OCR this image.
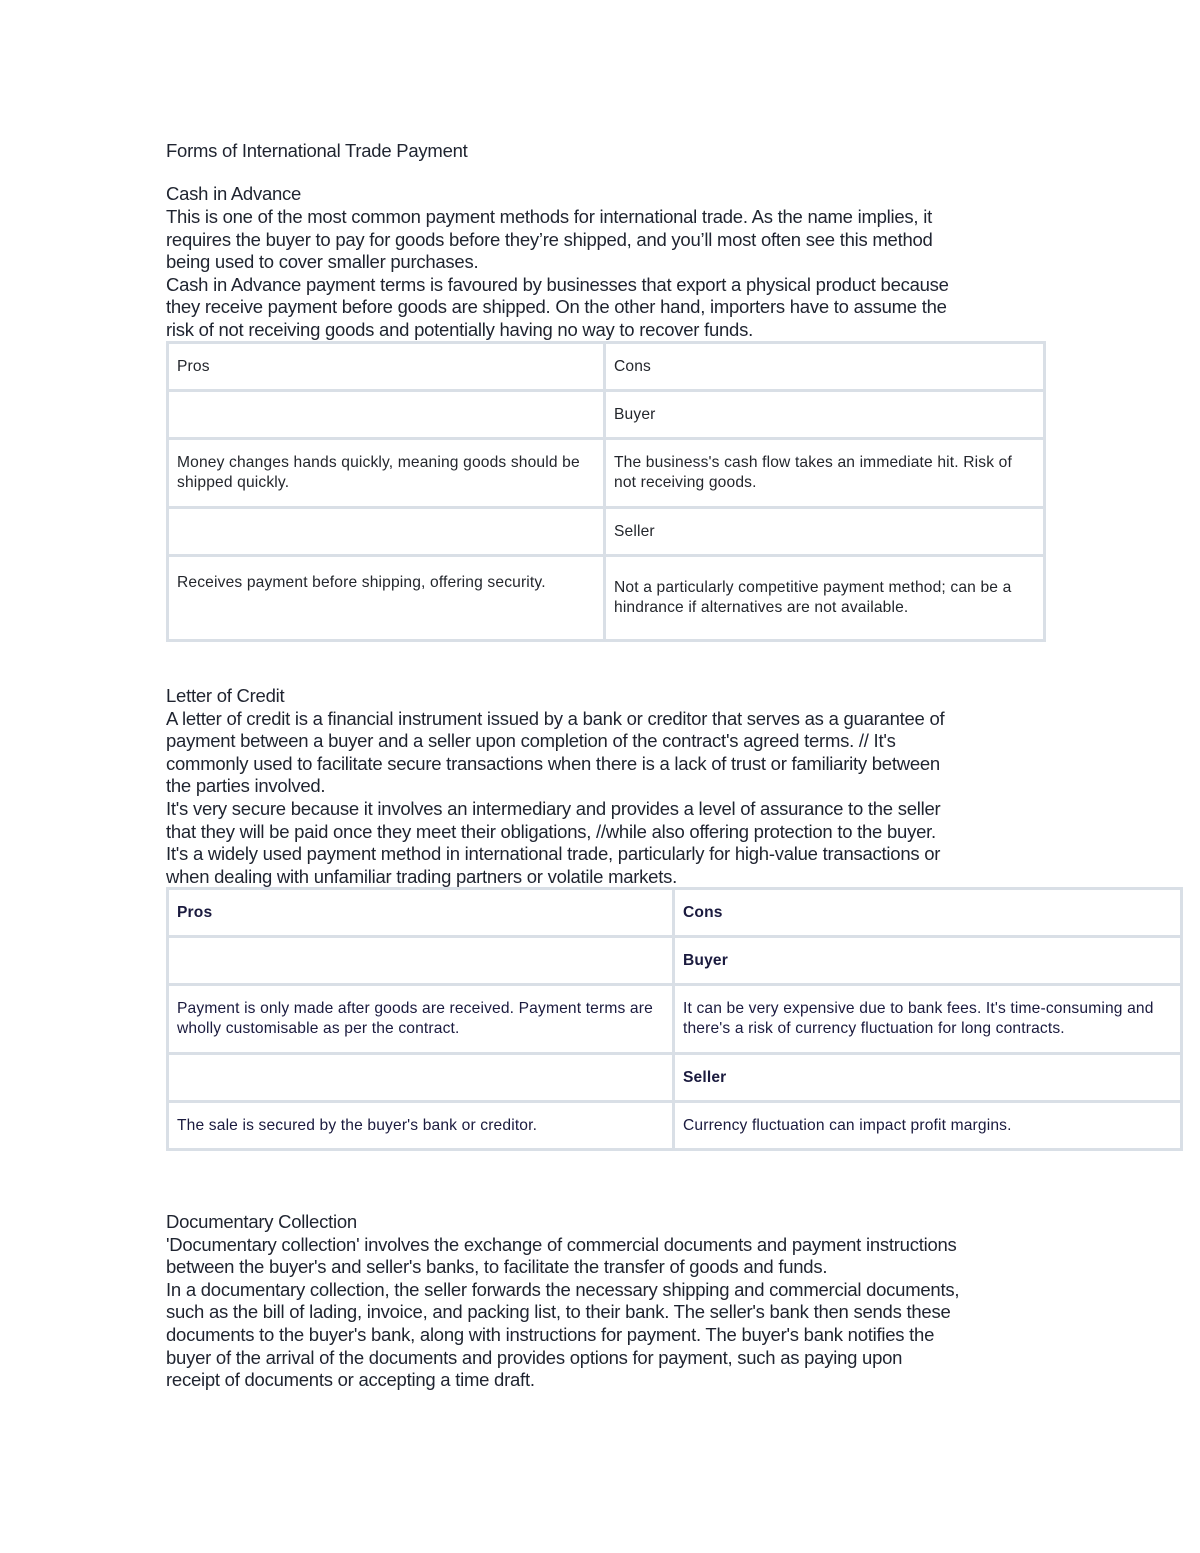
Forms of International Trade Payment
Cash in Advance

This is one of the most common payment methods for international trade. As the name implies, it

requires the buyer to pay for goods before they’re shipped, and you’ll most often see this method

being used to cover smaller purchases.

Cash in Advance payment terms is favoured by businesses that export a physical product because

they receive payment before goods are shipped. On the other hand, importers have to assume the

risk of not receiving goods and potentially having no way to recover funds.

Pros	Cons
	Buyer
Money changes hands quickly, meaning goods should be shipped quickly.	The business's cash flow takes an immediate hit. Risk of not receiving goods.
	Seller
Receives payment before shipping, offering security.	Not a particularly competitive payment method; can be a hindrance if alternatives are not available.
Letter of Credit

A letter of credit is a financial instrument issued by a bank or creditor that serves as a guarantee of

payment between a buyer and a seller upon completion of the contract's agreed terms. // It's

commonly used to facilitate secure transactions when there is a lack of trust or familiarity between

the parties involved.

It's very secure because it involves an intermediary and provides a level of assurance to the seller

that they will be paid once they meet their obligations, //while also offering protection to the buyer.

It's a widely used payment method in international trade, particularly for high-value transactions or

when dealing with unfamiliar trading partners or volatile markets.

Pros	Cons
	Buyer
Payment is only made after goods are received. Payment terms are wholly customisable as per the contract.	It can be very expensive due to bank fees. It's time-consuming and there's a risk of currency fluctuation for long contracts.
	Seller
The sale is secured by the buyer's bank or creditor.	Currency fluctuation can impact profit margins.
Documentary Collection

'Documentary collection' involves the exchange of commercial documents and payment instructions

between the buyer's and seller's banks, to facilitate the transfer of goods and funds.

In a documentary collection, the seller forwards the necessary shipping and commercial documents,

such as the bill of lading, invoice, and packing list, to their bank. The seller's bank then sends these

documents to the buyer's bank, along with instructions for payment. The buyer's bank notifies the

buyer of the arrival of the documents and provides options for payment, such as paying upon

receipt of documents or accepting a time draft.
